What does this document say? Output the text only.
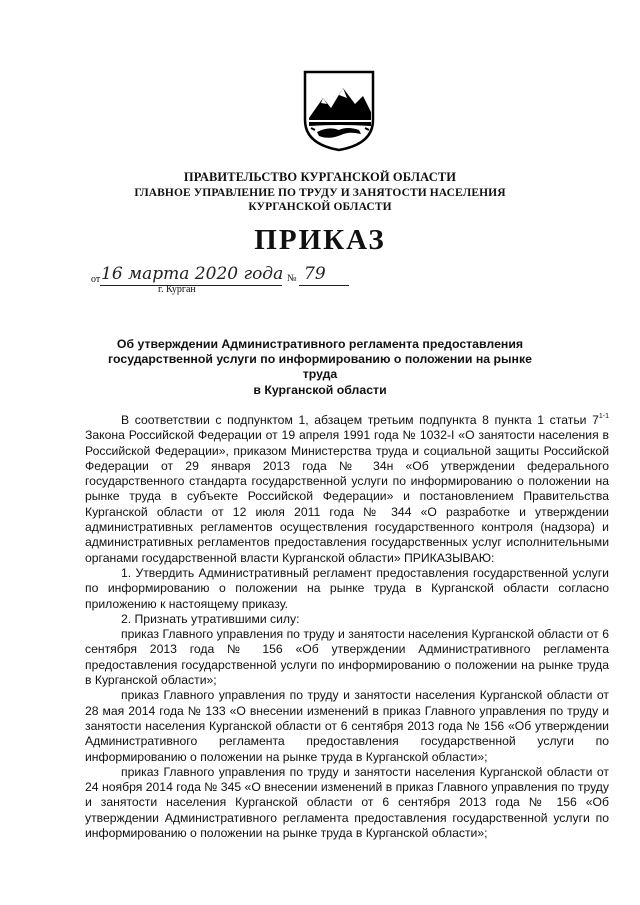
ПРАВИТЕЛЬСТВО КУРГАНСКОЙ ОБЛАСТИ
ГЛАВНОЕ УПРАВЛЕНИЕ ПО ТРУДУ И ЗАНЯТОСТИ НАСЕЛЕНИЯ
КУРГАНСКОЙ ОБЛАСТИ
ПРИКАЗ
от 16 марта 2020 года № 79
г. Курган
Об утверждении Административного регламента предоставления
государственной услуги по информированию о положении на рынке труда
в Курганской области

В соответствии с подпунктом 1, абзацем третьим подпункта 8 пункта 1 статьи 7$^{1-1}$ Закона Российской Федерации от 19 апреля 1991 года № 1032-I «О занятости населения в Российской Федерации», приказом Министерства труда и социальной защиты Российской Федерации от 29 января 2013 года № 34н «Об утверждении федерального государственного стандарта государственной услуги по информированию о положении на рынке труда в субъекте Российской Федерации» и постановлением Правительства Курганской области от 12 июля 2011 года № 344 «О разработке и утверждении административных регламентов осуществления государственного контроля (надзора) и административных регламентов предоставления государственных услуг исполнительными органами государственной власти Курганской области» ПРИКАЗЫВАЮ:

1. Утвердить Административный регламент предоставления государственной услуги по информированию о положении на рынке труда в Курганской области согласно приложению к настоящему приказу.

2. Признать утратившими силу:

приказ Главного управления по труду и занятости населения Курганской области от 6 сентября 2013 года № 156 «Об утверждении Административного регламента предоставления государственной услуги по информированию о положении на рынке труда в Курганской области»;

приказ Главного управления по труду и занятости населения Курганской области от 28 мая 2014 года № 133 «О внесении изменений в приказ Главного управления по труду и занятости населения Курганской области от 6 сентября 2013 года № 156 «Об утверждении Административного регламента предоставления государственной услуги по информированию о положении на рынке труда в Курганской области»;

приказ Главного управления по труду и занятости населения Курганской области от 24 ноября 2014 года № 345 «О внесении изменений в приказ Главного управления по труду и занятости населения Курганской области от 6 сентября 2013 года № 156 «Об утверждении Административного регламента предоставления государственной услуги по информированию о положении на рынке труда в Курганской области»;
